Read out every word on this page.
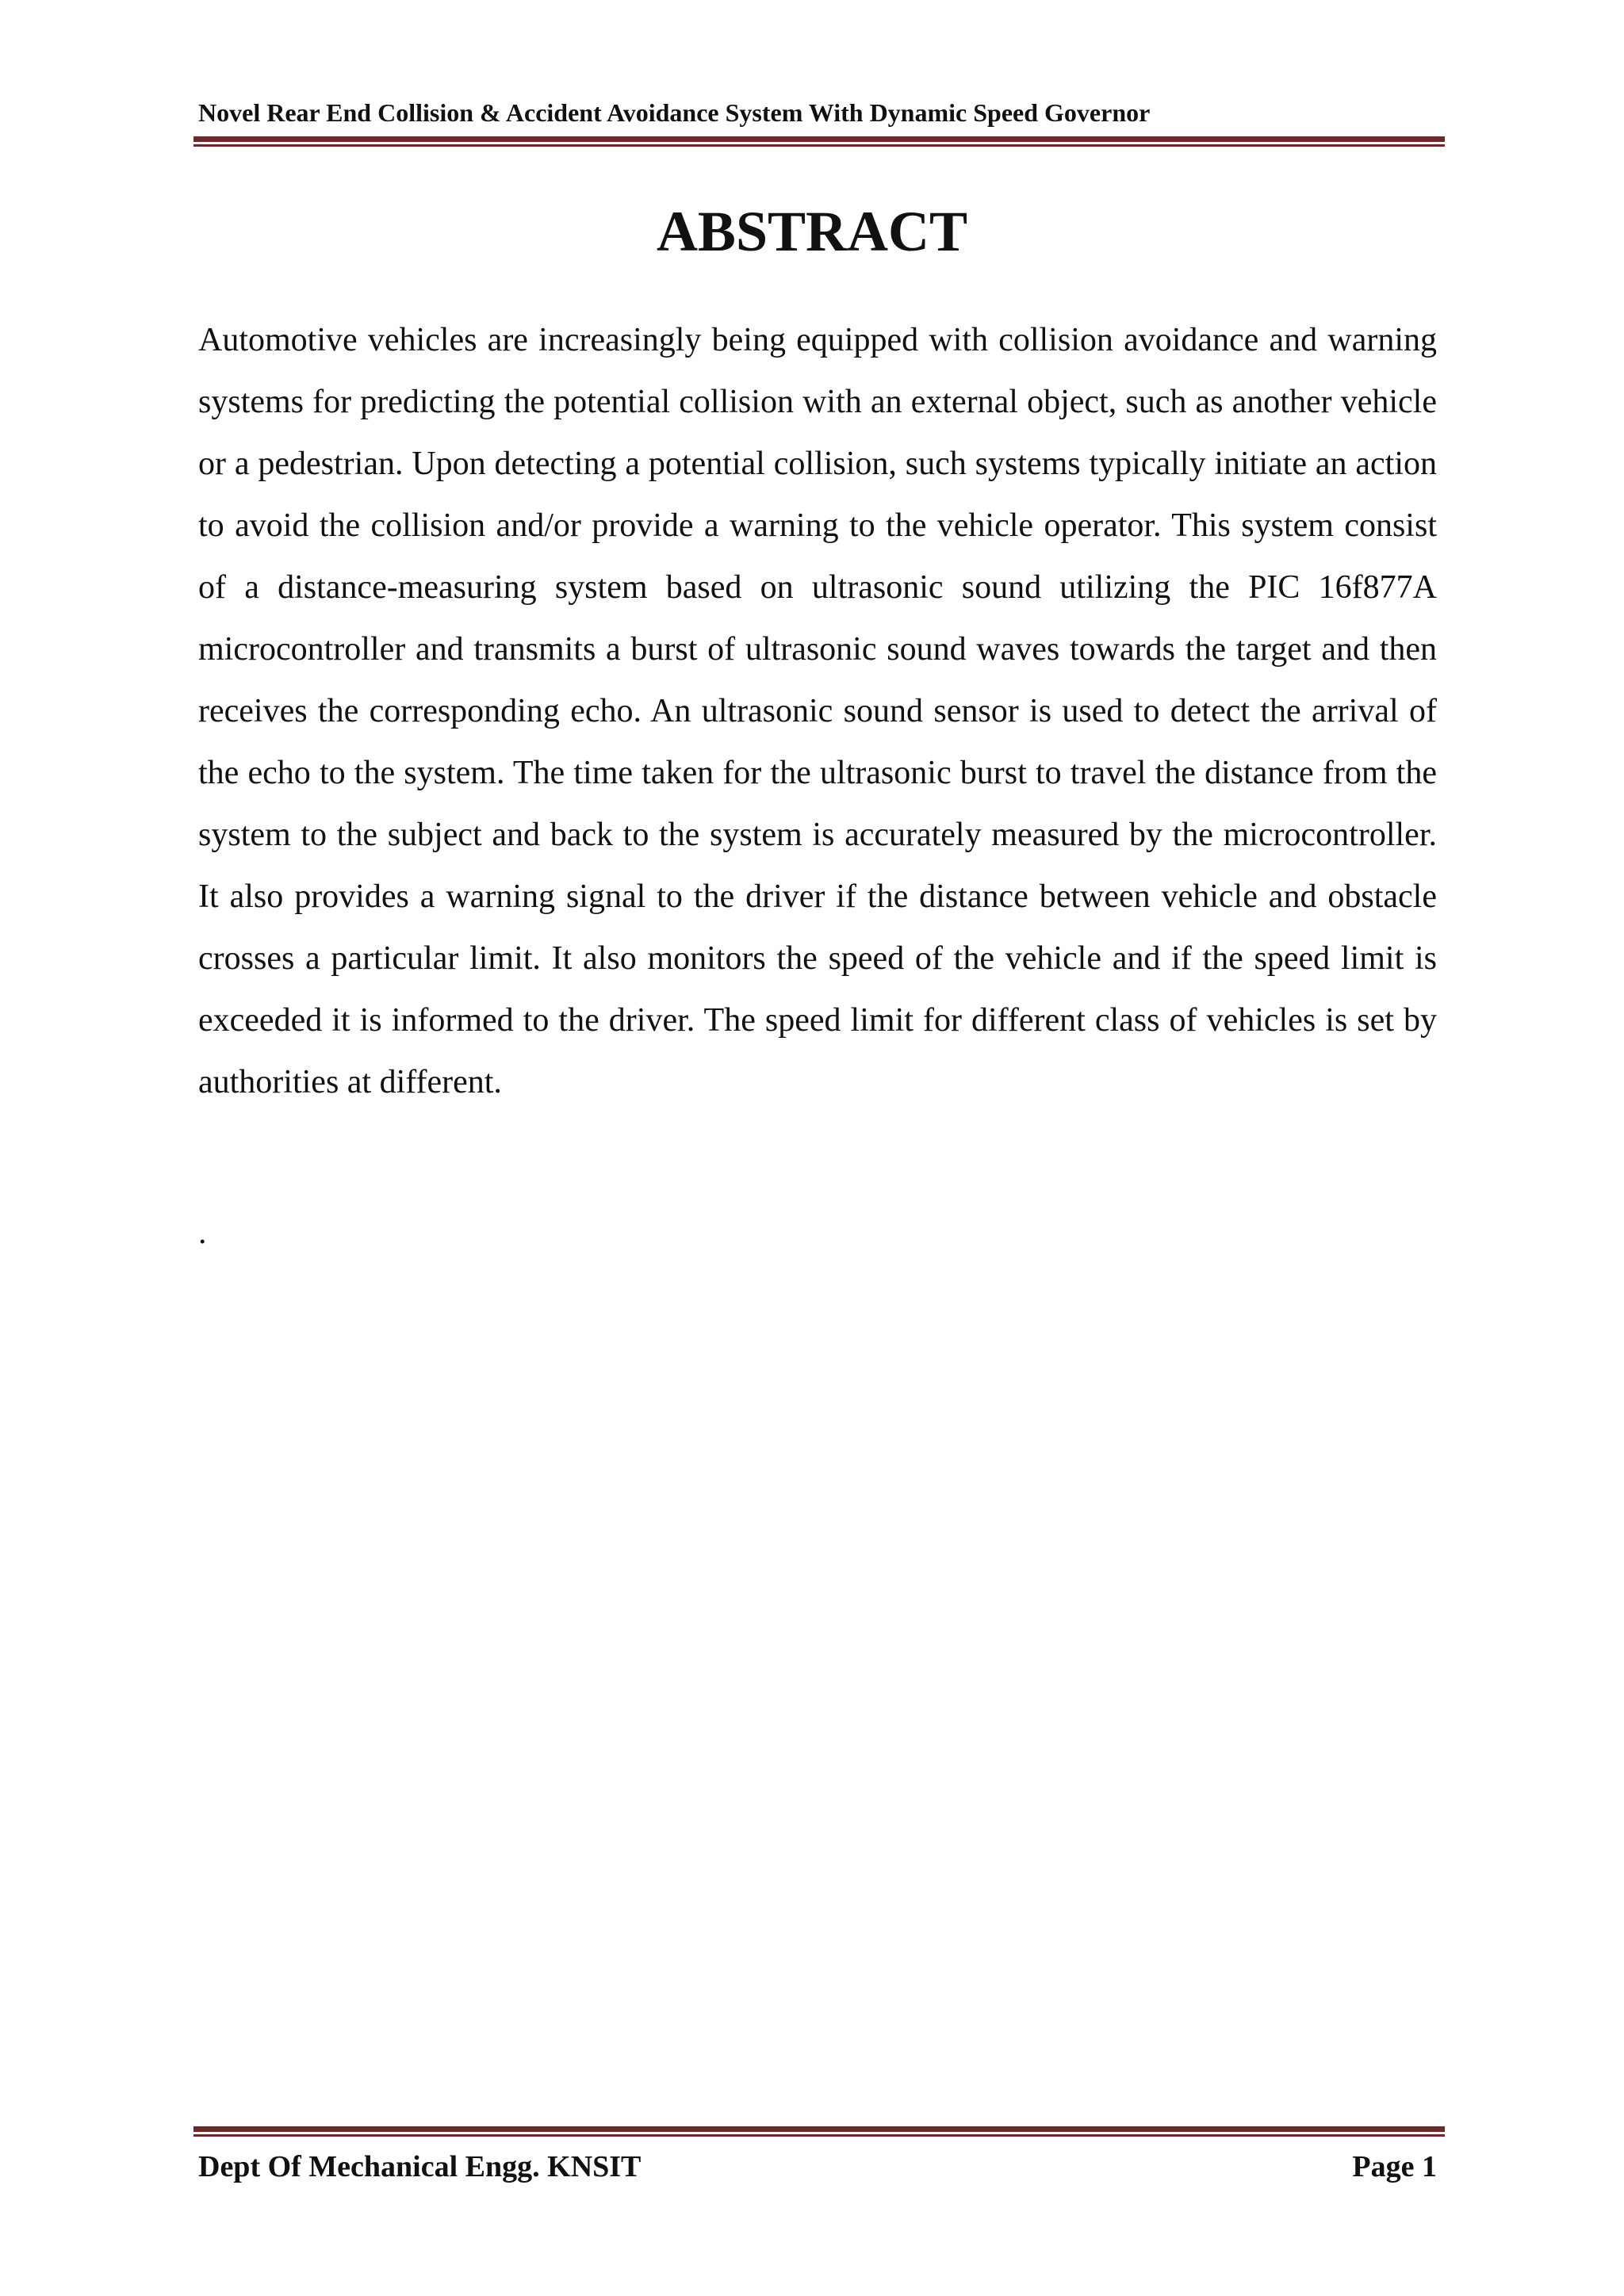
Novel Rear End Collision & Accident Avoidance System With Dynamic Speed Governor
ABSTRACT

Automotive vehicles are increasingly being equipped with collision avoidance and warning systems for predicting the potential collision with an external object, such as another vehicle or a pedestrian. Upon detecting a potential collision, such systems typically initiate an action to avoid the collision and/or provide a warning to the vehicle operator. This system consist of a distance-measuring system based on ultrasonic sound utilizing the PIC 16f877A microcontroller and transmits a burst of ultrasonic sound waves towards the target and then receives the corresponding echo. An ultrasonic sound sensor is used to detect the arrival of the echo to the system. The time taken for the ultrasonic burst to travel the distance from the system to the subject and back to the system is accurately measured by the microcontroller. It also provides a warning signal to the driver if the distance between vehicle and obstacle crosses a particular limit. It also monitors the speed of the vehicle and if the speed limit is exceeded it is informed to the driver. The speed limit for different class of vehicles is set by authorities at different.

.
Dept Of Mechanical Engg. KNSIT	Page 1
